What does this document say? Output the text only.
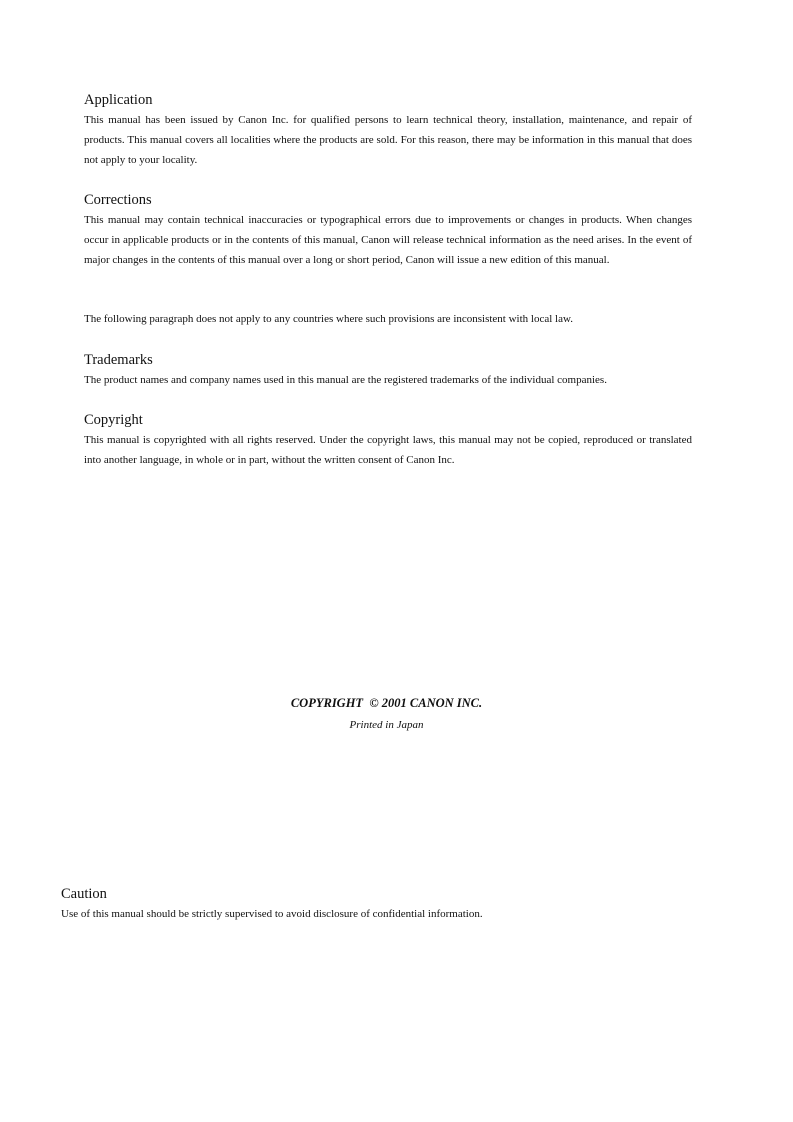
Application

This manual has been issued by Canon Inc. for qualified persons to learn technical theory, installation, maintenance, and repair of products. This manual covers all localities where the products are sold. For this reason, there may be information in this manual that does not apply to your locality.

Corrections

This manual may contain technical inaccuracies or typographical errors due to improvements or changes in products. When changes occur in applicable products or in the contents of this manual, Canon will release technical information as the need arises. In the event of major changes in the contents of this manual over a long or short period, Canon will issue a new edition of this manual.

The following paragraph does not apply to any countries where such provisions are inconsistent with local law.

Trademarks

The product names and company names used in this manual are the registered trademarks of the individual companies.

Copyright

This manual is copyrighted with all rights reserved. Under the copyright laws, this manual may not be copied, reproduced or translated into another language, in whole or in part, without the written consent of Canon Inc.

COPYRIGHT  © 2001 CANON INC.
Printed in Japan
Caution

Use of this manual should be strictly supervised to avoid disclosure of confidential information.
